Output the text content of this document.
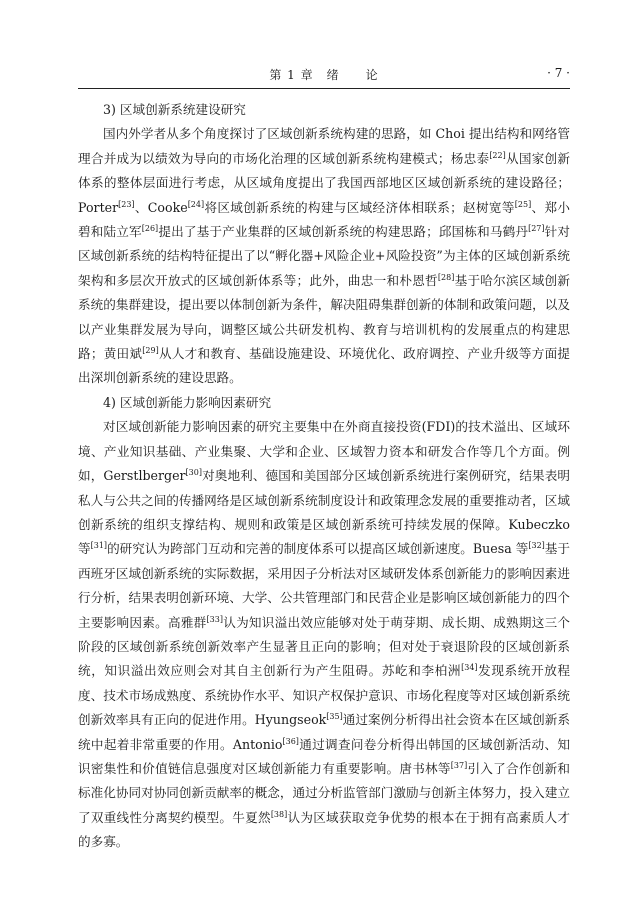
第 1 章　绪　　论	· 7 ·

3) 区域创新系统建设研究

国内外学者从多个角度探讨了区域创新系统构建的思路，如 Choi 提出结构和网络管理合并成为以绩效为导向的市场化治理的区域创新系统构建模式；杨忠泰[22]从国家创新体系的整体层面进行考虑，从区域角度提出了我国西部地区区域创新系统的建设路径；Porter[23]、Cooke[24]将区域创新系统的构建与区域经济体相联系；赵树宽等[25]、郑小碧和陆立军[26]提出了基于产业集群的区域创新系统的构建思路；邱国栋和马鹤丹[27]针对区域创新系统的结构特征提出了以“孵化器+风险企业+风险投资”为主体的区域创新系统架构和多层次开放式的区域创新体系等；此外，曲忠一和朴恩哲[28]基于哈尔滨区域创新系统的集群建设，提出要以体制创新为条件，解决阻碍集群创新的体制和政策问题，以及以产业集群发展为导向，调整区域公共研发机构、教育与培训机构的发展重点的构建思路；黄田斌[29]从人才和教育、基础设施建设、环境优化、政府调控、产业升级等方面提出深圳创新系统的建设思路。

4) 区域创新能力影响因素研究

对区域创新能力影响因素的研究主要集中在外商直接投资(FDI)的技术溢出、区域环境、产业知识基础、产业集聚、大学和企业、区域智力资本和研发合作等几个方面。例如，Gerstlberger[30]对奥地利、德国和美国部分区域创新系统进行案例研究，结果表明私人与公共之间的传播网络是区域创新系统制度设计和政策理念发展的重要推动者，区域创新系统的组织支撑结构、规则和政策是区域创新系统可持续发展的保障。Kubeczko 等[31]的研究认为跨部门互动和完善的制度体系可以提高区域创新速度。Buesa 等[32]基于西班牙区域创新系统的实际数据，采用因子分析法对区域研发体系创新能力的影响因素进行分析，结果表明创新环境、大学、公共管理部门和民营企业是影响区域创新能力的四个主要影响因素。高雅群[33]认为知识溢出效应能够对处于萌芽期、成长期、成熟期这三个阶段的区域创新系统创新效率产生显著且正向的影响；但对处于衰退阶段的区域创新系统，知识溢出效应则会对其自主创新行为产生阻碍。苏屹和李柏洲[34]发现系统开放程度、技术市场成熟度、系统协作水平、知识产权保护意识、市场化程度等对区域创新系统创新效率具有正向的促进作用。Hyungseok[35]通过案例分析得出社会资本在区域创新系统中起着非常重要的作用。Antonio[36]通过调查问卷分析得出韩国的区域创新活动、知识密集性和价值链信息强度对区域创新能力有重要影响。唐书林等[37]引入了合作创新和标准化协同对协同创新贡献率的概念，通过分析监管部门激励与创新主体努力，投入建立了双重线性分离契约模型。牛夏然[38]认为区域获取竞争优势的根本在于拥有高素质人才的多寡。
